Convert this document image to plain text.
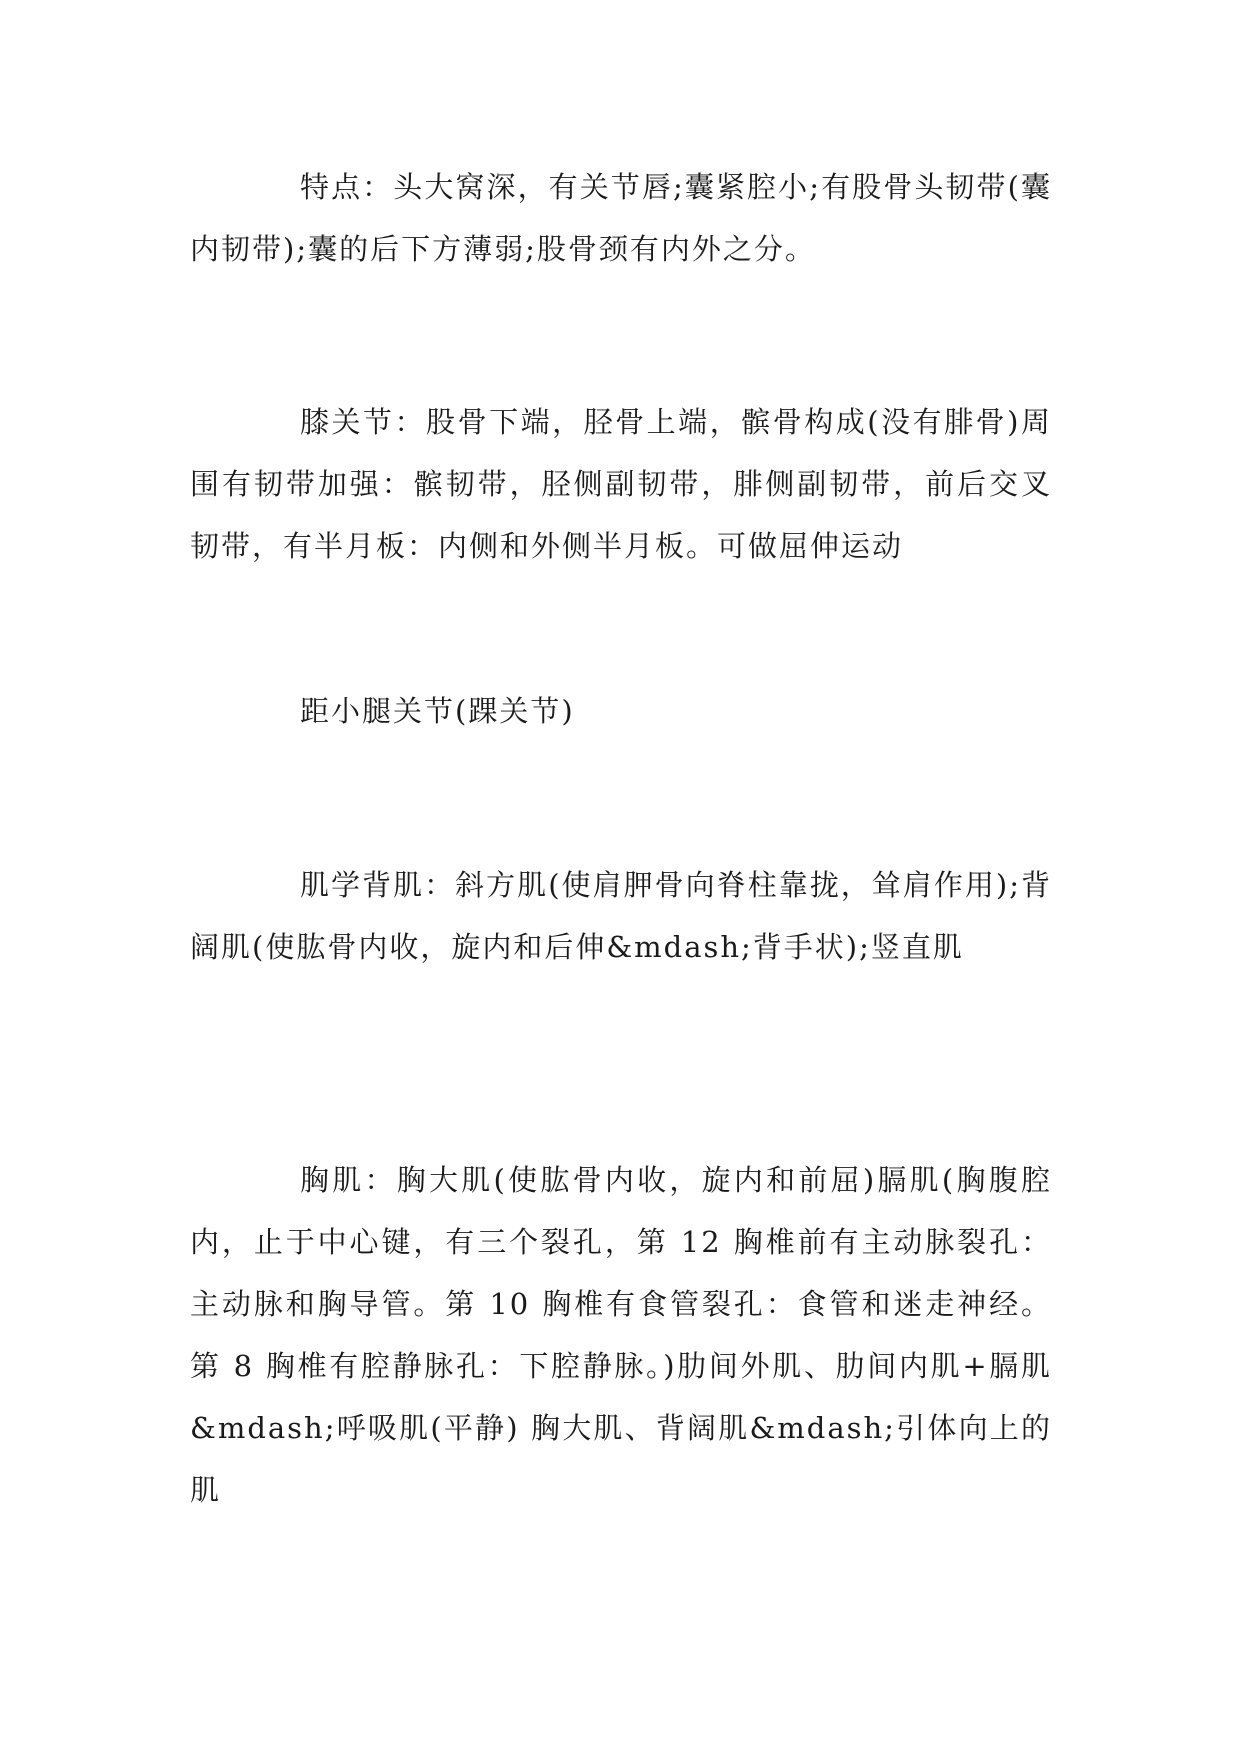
特点：头大窝深，有关节唇;囊紧腔小;有股骨头韧带(囊内韧带);囊的后下方薄弱;股骨颈有内外之分。

膝关节：股骨下端，胫骨上端，髌骨构成(没有腓骨)周围有韧带加强：髌韧带，胫侧副韧带，腓侧副韧带，前后交叉韧带，有半月板：内侧和外侧半月板。可做屈伸运动

距小腿关节(踝关节)

肌学背肌：斜方肌(使肩胛骨向脊柱靠拢，耸肩作用);背阔肌(使肱骨内收，旋内和后伸&mdash;背手状);竖直肌

胸肌：胸大肌(使肱骨内收，旋内和前屈)膈肌(胸腹腔内，止于中心键，有三个裂孔，第 12 胸椎前有主动脉裂孔：主动脉和胸导管。第 10 胸椎有食管裂孔：食管和迷走神经。第 8 胸椎有腔静脉孔：下腔静脉。)肋间外肌、肋间内肌+膈肌&mdash;呼吸肌(平静) 胸大肌、背阔肌&mdash;引体向上的肌
